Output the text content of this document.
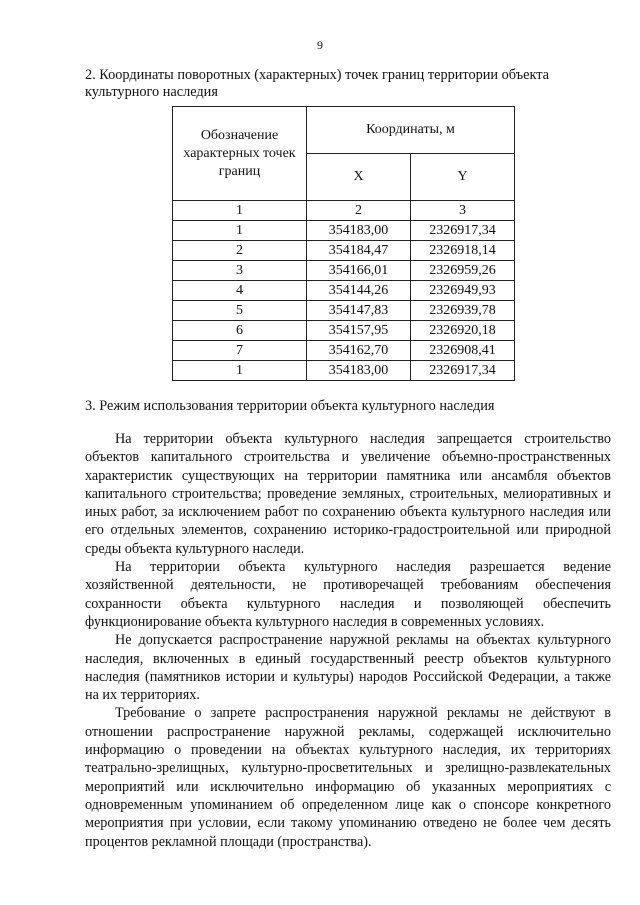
9
2. Координаты поворотных (характерных) точек границ территории объекта культурного наследия
Обозначение характерных точек границ	Координаты, м	
	X	Y
1	2	3
1	354183,00	2326917,34
2	354184,47	2326918,14
3	354166,01	2326959,26
4	354144,26	2326949,93
5	354147,83	2326939,78
6	354157,95	2326920,18
7	354162,70	2326908,41
1	354183,00	2326917,34
3. Режим использования территории объекта культурного наследия

На территории объекта культурного наследия запрещается строительство объектов капитального строительства и увеличение объемно-пространственных характеристик существующих на территории памятника или ансамбля объектов капитального строительства; проведение земляных, строительных, мелиоративных и иных работ, за исключением работ по сохранению объекта культурного наследия или его отдельных элементов, сохранению историко-градостроительной или природной среды объекта культурного наследи.

На территории объекта культурного наследия разрешается ведение хозяйственной деятельности, не противоречащей требованиям обеспечения сохранности объекта культурного наследия и позволяющей обеспечить функционирование объекта культурного наследия в современных условиях.

Не допускается распространение наружной рекламы на объектах культурного наследия, включенных в единый государственный реестр объектов культурного наследия (памятников истории и культуры) народов Российской Федерации, а также на их территориях.

Требование о запрете распространения наружной рекламы не действуют в отношении распространение наружной рекламы, содержащей исключительно информацию о проведении на объектах культурного наследия, их территориях театрально-зрелищных, культурно-просветительных и зрелищно-развлекательных мероприятий или исключительно информацию об указанных мероприятиях с одновременным упоминанием об определенном лице как о спонсоре конкретного мероприятия при условии, если такому упоминанию отведено не более чем десять процентов рекламной площади (пространства).
